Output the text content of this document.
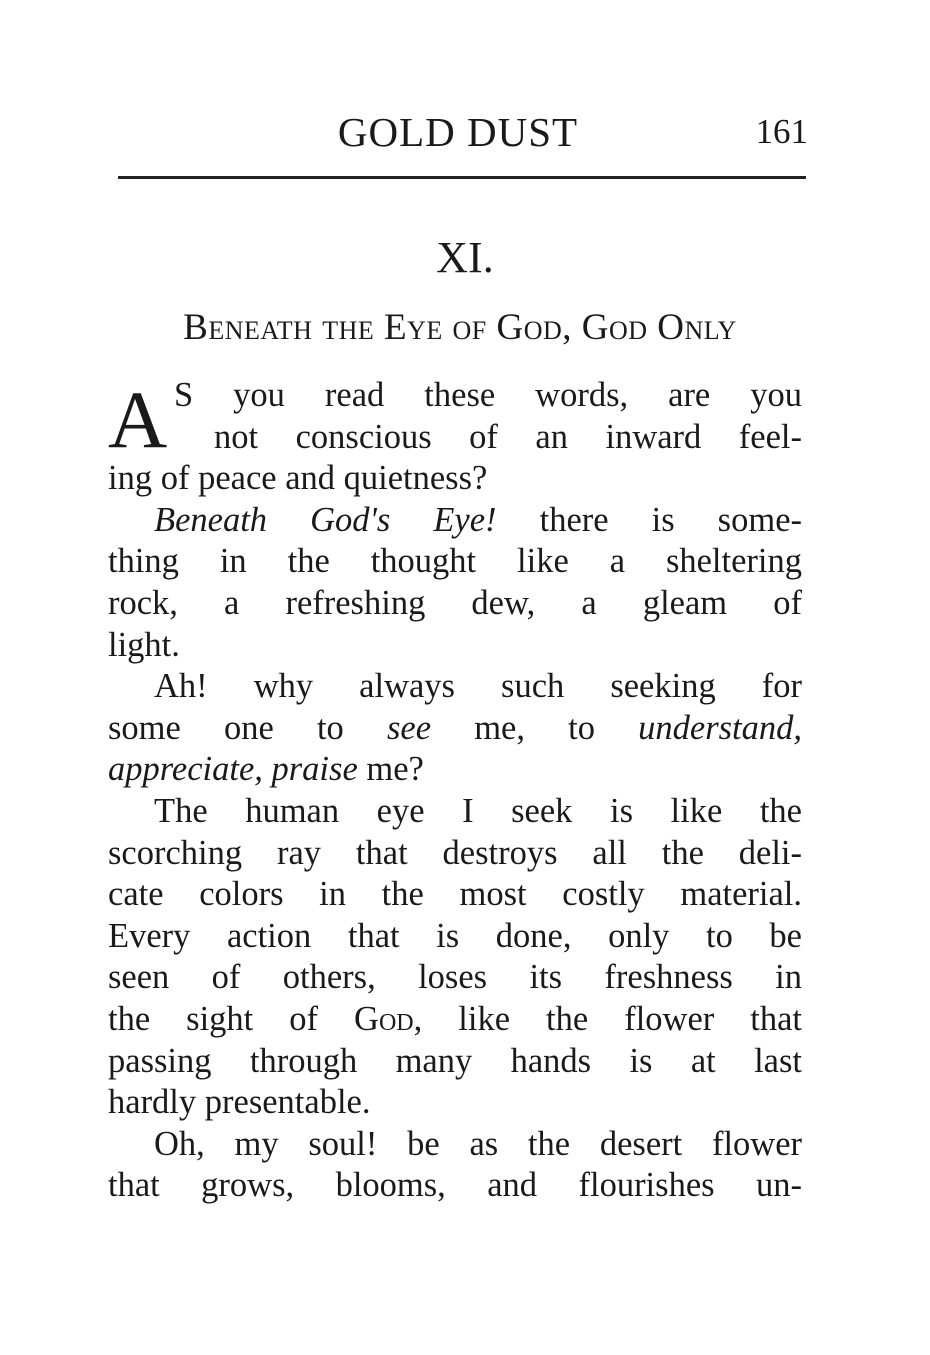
GOLD DUST	161
XI.
Beneath the Eye of God, God Only
A S you read these words, are you
not conscious of an inward feel-
ing of peace and quietness?
Beneath God's Eye! there is some-
thing in the thought like a sheltering
rock, a refreshing dew, a gleam of
light.
Ah! why always such seeking for
some one to see me, to understand,
appreciate, praise me?
The human eye I seek is like the
scorching ray that destroys all the deli-
cate colors in the most costly material.
Every action that is done, only to be
seen of others, loses its freshness in
the sight of God, like the flower that
passing through many hands is at last
hardly presentable.
Oh, my soul! be as the desert flower
that grows, blooms, and flourishes un-
